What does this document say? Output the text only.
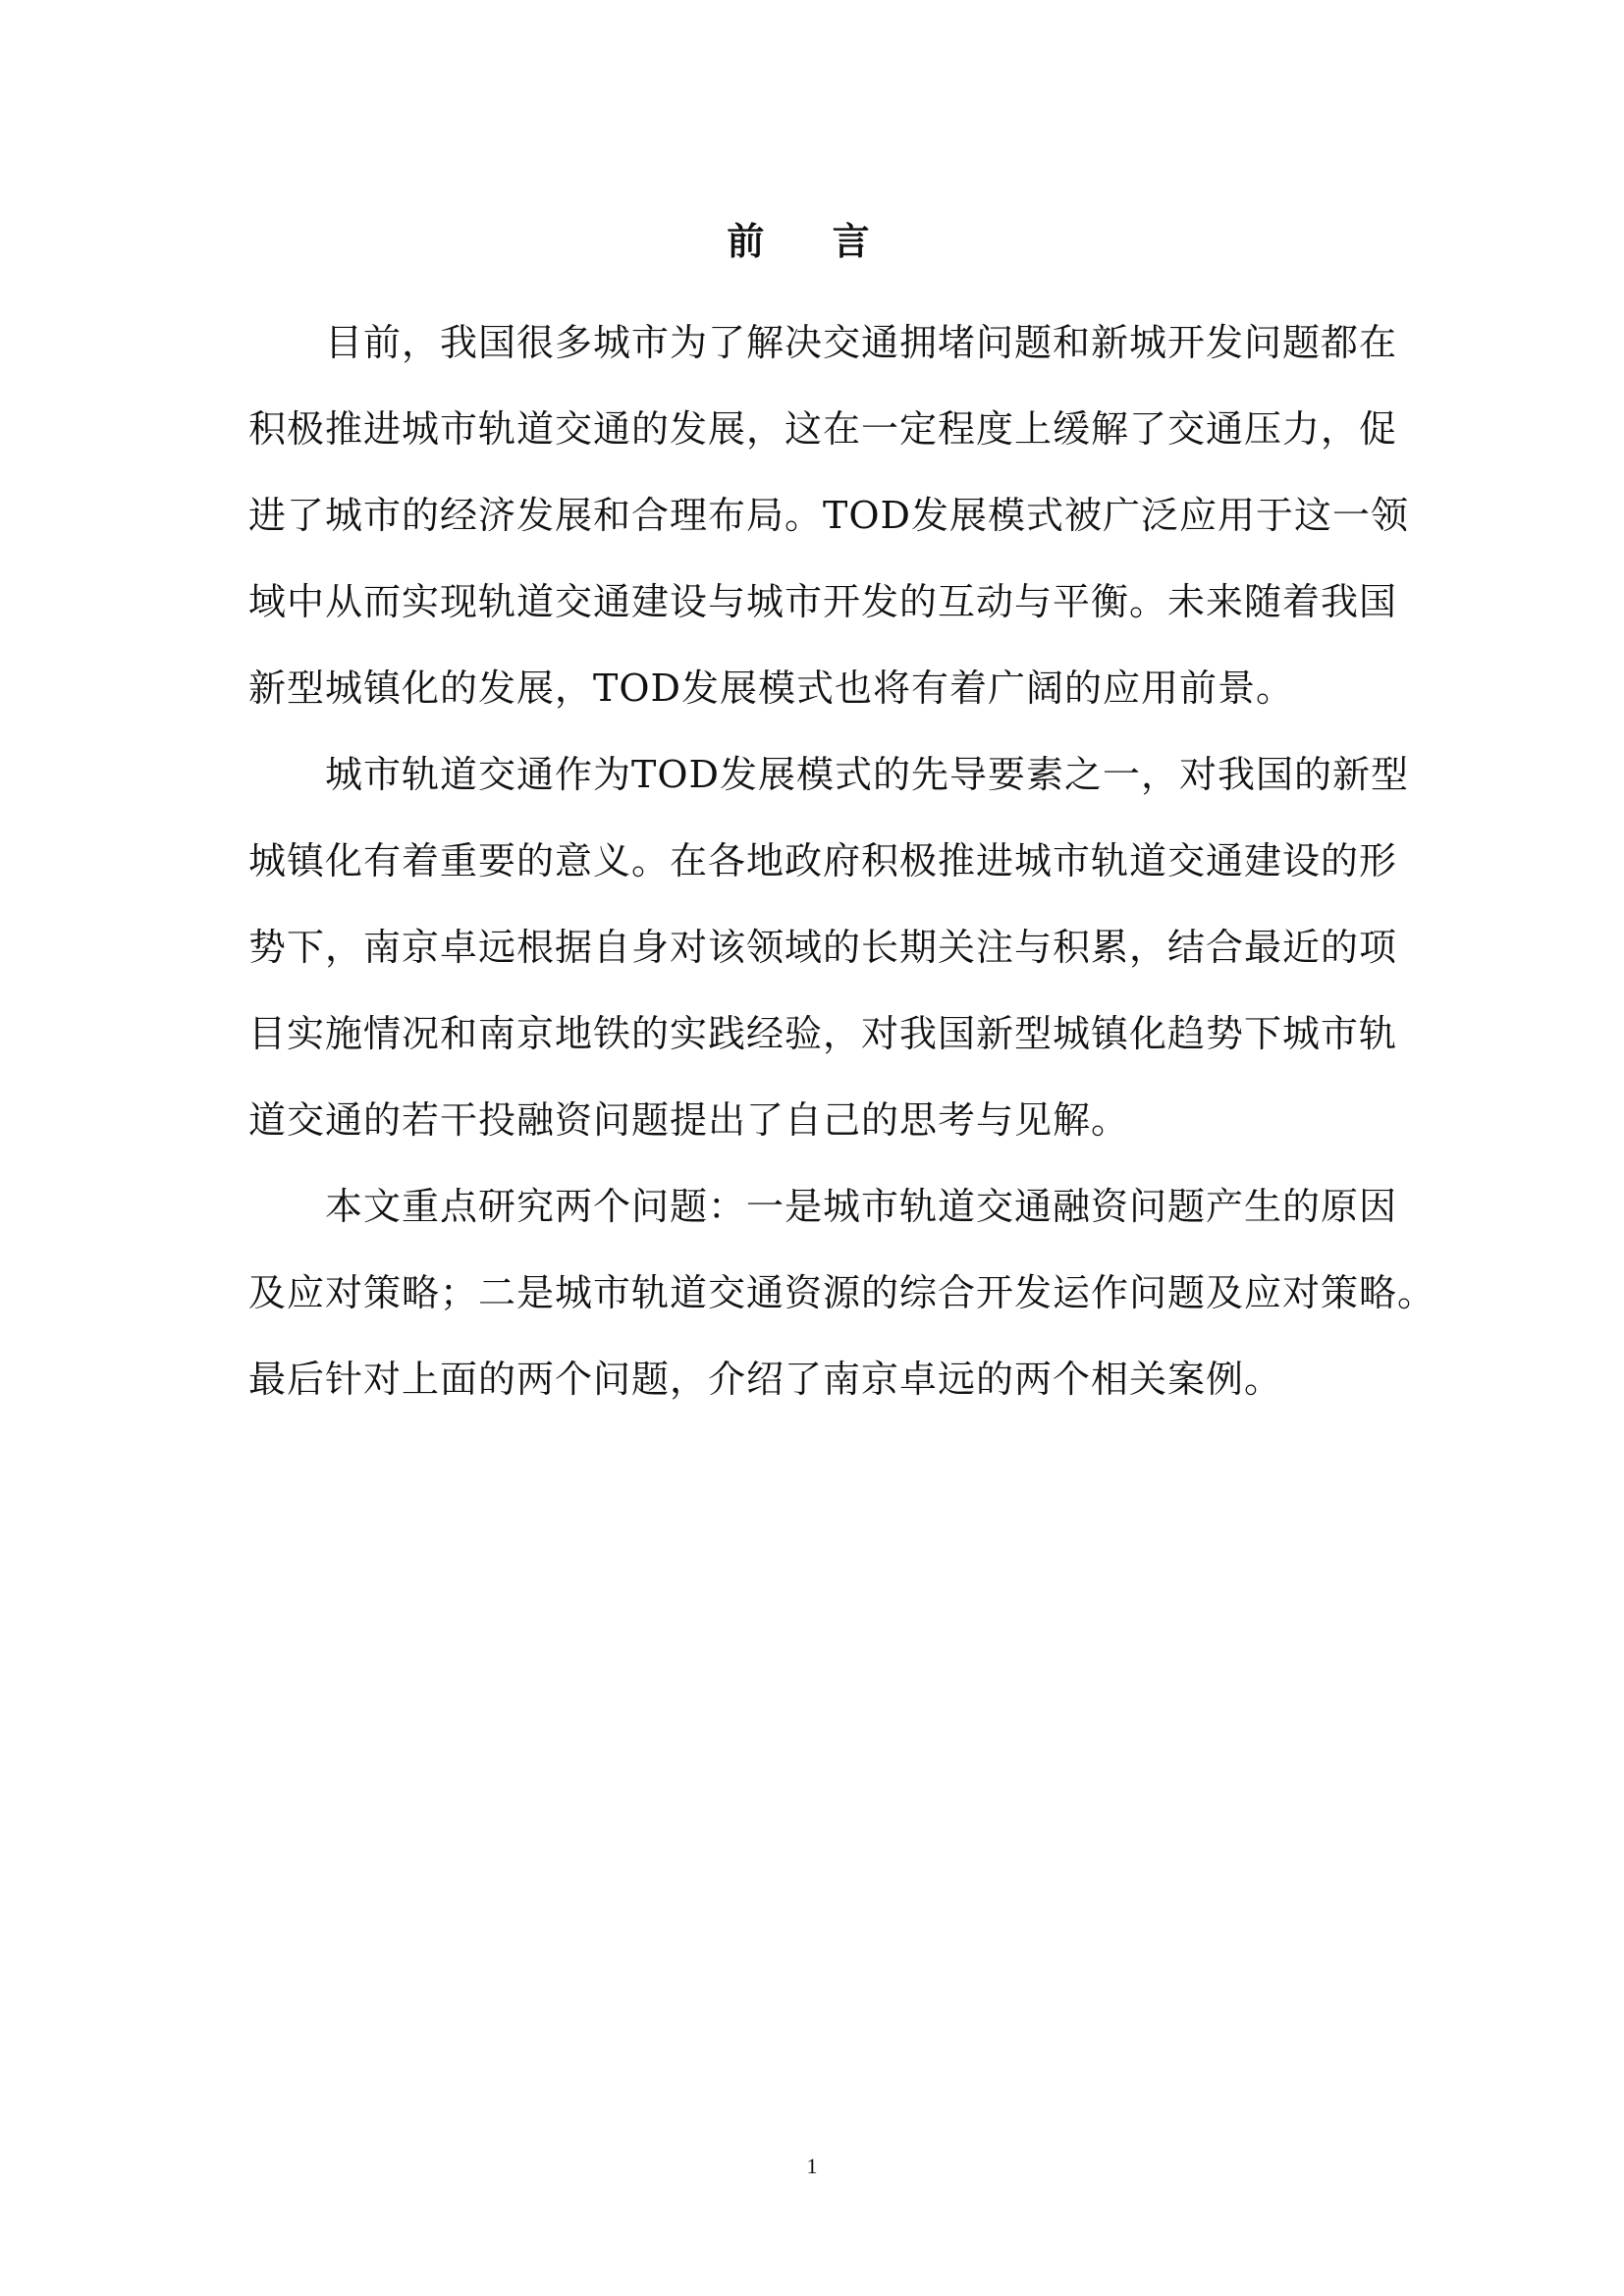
前 言
目前，我国很多城市为了解决交通拥堵问题和新城开发问题都在
积极推进城市轨道交通的发展，这在一定程度上缓解了交通压力，促
进了城市的经济发展和合理布局。TOD发展模式被广泛应用于这一领
域中从而实现轨道交通建设与城市开发的互动与平衡。未来随着我国
新型城镇化的发展，TOD发展模式也将有着广阔的应用前景。
城市轨道交通作为TOD发展模式的先导要素之一，对我国的新型
城镇化有着重要的意义。在各地政府积极推进城市轨道交通建设的形
势下，南京卓远根据自身对该领域的长期关注与积累，结合最近的项
目实施情况和南京地铁的实践经验，对我国新型城镇化趋势下城市轨
道交通的若干投融资问题提出了自己的思考与见解。
本文重点研究两个问题：一是城市轨道交通融资问题产生的原因
及应对策略；二是城市轨道交通资源的综合开发运作问题及应对策略。
最后针对上面的两个问题，介绍了南京卓远的两个相关案例。
1
